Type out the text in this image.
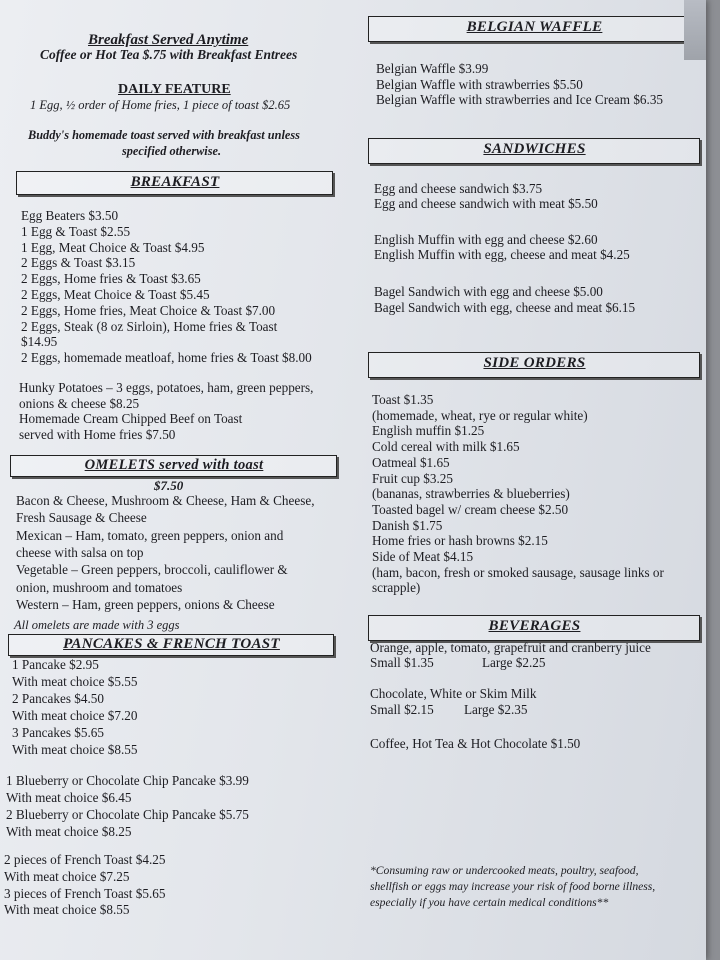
Breakfast Served Anytime
Coffee or Hot Tea $.75 with Breakfast Entrees
DAILY FEATURE
1 Egg, ½ order of Home fries, 1 piece of toast $2.65
Buddy's homemade toast served with breakfast unless
specified otherwise.
BREAKFAST
Egg Beaters $3.50
1 Egg & Toast $2.55
1 Egg, Meat Choice & Toast $4.95
2 Eggs & Toast $3.15
2 Eggs, Home fries & Toast $3.65
2 Eggs, Meat Choice & Toast $5.45
2 Eggs, Home fries, Meat Choice & Toast $7.00
2 Eggs, Steak (8 oz Sirloin), Home fries & Toast
$14.95
2 Eggs, homemade meatloaf, home fries & Toast $8.00
Hunky Potatoes – 3 eggs, potatoes, ham, green peppers,
onions & cheese $8.25
Homemade Cream Chipped Beef on Toast
served with Home fries $7.50
OMELETS served with toast
$7.50
Bacon & Cheese, Mushroom & Cheese, Ham & Cheese,
Fresh Sausage & Cheese
Mexican – Ham, tomato, green peppers, onion and
cheese with salsa on top
Vegetable – Green peppers, broccoli, cauliflower &
onion, mushroom and tomatoes
Western – Ham, green peppers, onions & Cheese
All omelets are made with 3 eggs
PANCAKES & FRENCH TOAST
1 Pancake $2.95
With meat choice $5.55
2 Pancakes $4.50
With meat choice $7.20
3 Pancakes $5.65
With meat choice $8.55
1 Blueberry or Chocolate Chip Pancake $3.99
With meat choice $6.45
2 Blueberry or Chocolate Chip Pancake $5.75
With meat choice $8.25
2 pieces of French Toast $4.25
With meat choice $7.25
3 pieces of French Toast $5.65
With meat choice $8.55
BELGIAN WAFFLE
Belgian Waffle $3.99
Belgian Waffle with strawberries $5.50
Belgian Waffle with strawberries and Ice Cream $6.35
SANDWICHES
Egg and cheese sandwich $3.75
Egg and cheese sandwich with meat $5.50
English Muffin with egg and cheese $2.60
English Muffin with egg, cheese and meat $4.25
Bagel Sandwich with egg and cheese $5.00
Bagel Sandwich with egg, cheese and meat $6.15
SIDE ORDERS
Toast $1.35
(homemade, wheat, rye or regular white)
English muffin $1.25
Cold cereal with milk $1.65
Oatmeal $1.65
Fruit cup $3.25
(bananas, strawberries & blueberries)
Toasted bagel w/ cream cheese $2.50
Danish $1.75
Home fries or hash browns $2.15
Side of Meat $4.15
(ham, bacon, fresh or smoked sausage, sausage links or
scrapple)
BEVERAGES
Orange, apple, tomato, grapefruit and cranberry juice
Small $1.35	Large $2.25
Chocolate, White or Skim Milk
Small $2.15 Large $2.35
Coffee, Hot Tea & Hot Chocolate $1.50
*Consuming raw or undercooked meats, poultry, seafood,
shellfish or eggs may increase your risk of food borne illness,
especially if you have certain medical conditions**
